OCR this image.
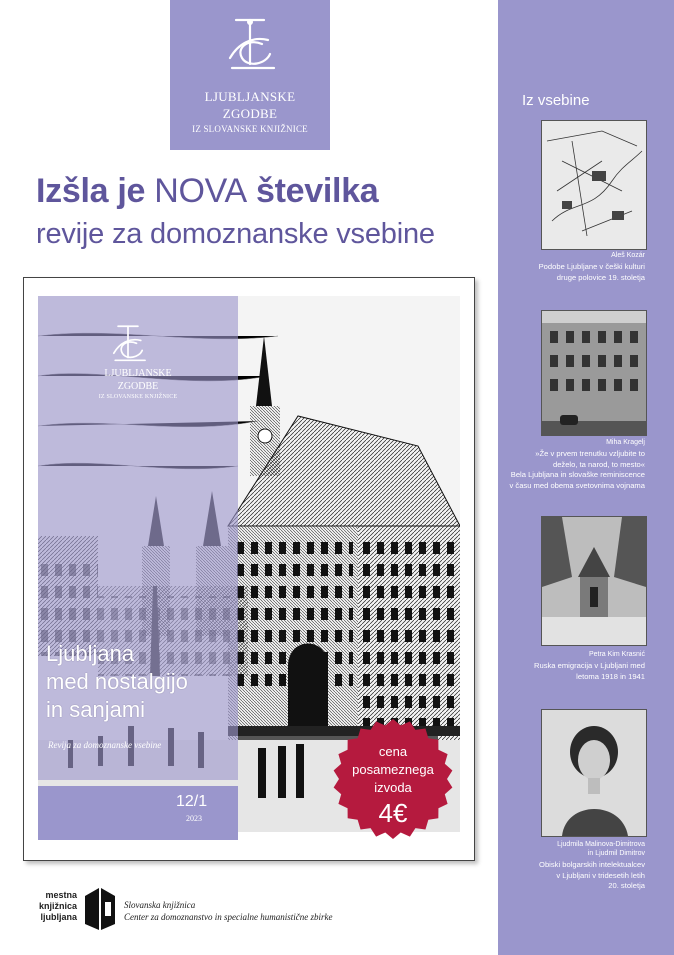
LJUBLJANSKE
ZGODBE
IZ SLOVANSKE KNJIŽNICE
Izšla je NOVA številka
revije za domoznanske vsebine
LJUBLJANSKE
ZGODBE
IZ SLOVANSKE KNJIŽNICE
Ljubljana
med nostalgijo
in sanjami
Revija za domoznanske vsebine
12/1
2023
cena
posameznega
izvoda
4€
mestna
knjižnica
ljubljana
Slovanska knjižnica
Center za domoznanstvo in specialne humanistične zbirke
Iz vsebine
Aleš Kozár
Podobe Ljubljane v češki kulturi
druge polovice 19. stoletja
Miha Kragelj
»Že v prvem trenutku vzljubite to
deželo, ta narod, to mesto«
Bela Ljubljana in slovaške reminiscence
v času med obema svetovnima vojnama
Petra Kim Krasnić
Ruska emigracija v Ljubljani med
letoma 1918 in 1941
Ljudmila Malinova-Dimitrova
in Ljudmil Dimitrov
Obiski bolgarskih intelektualcev
v Ljubljani v tridesetih letih
20. stoletja
